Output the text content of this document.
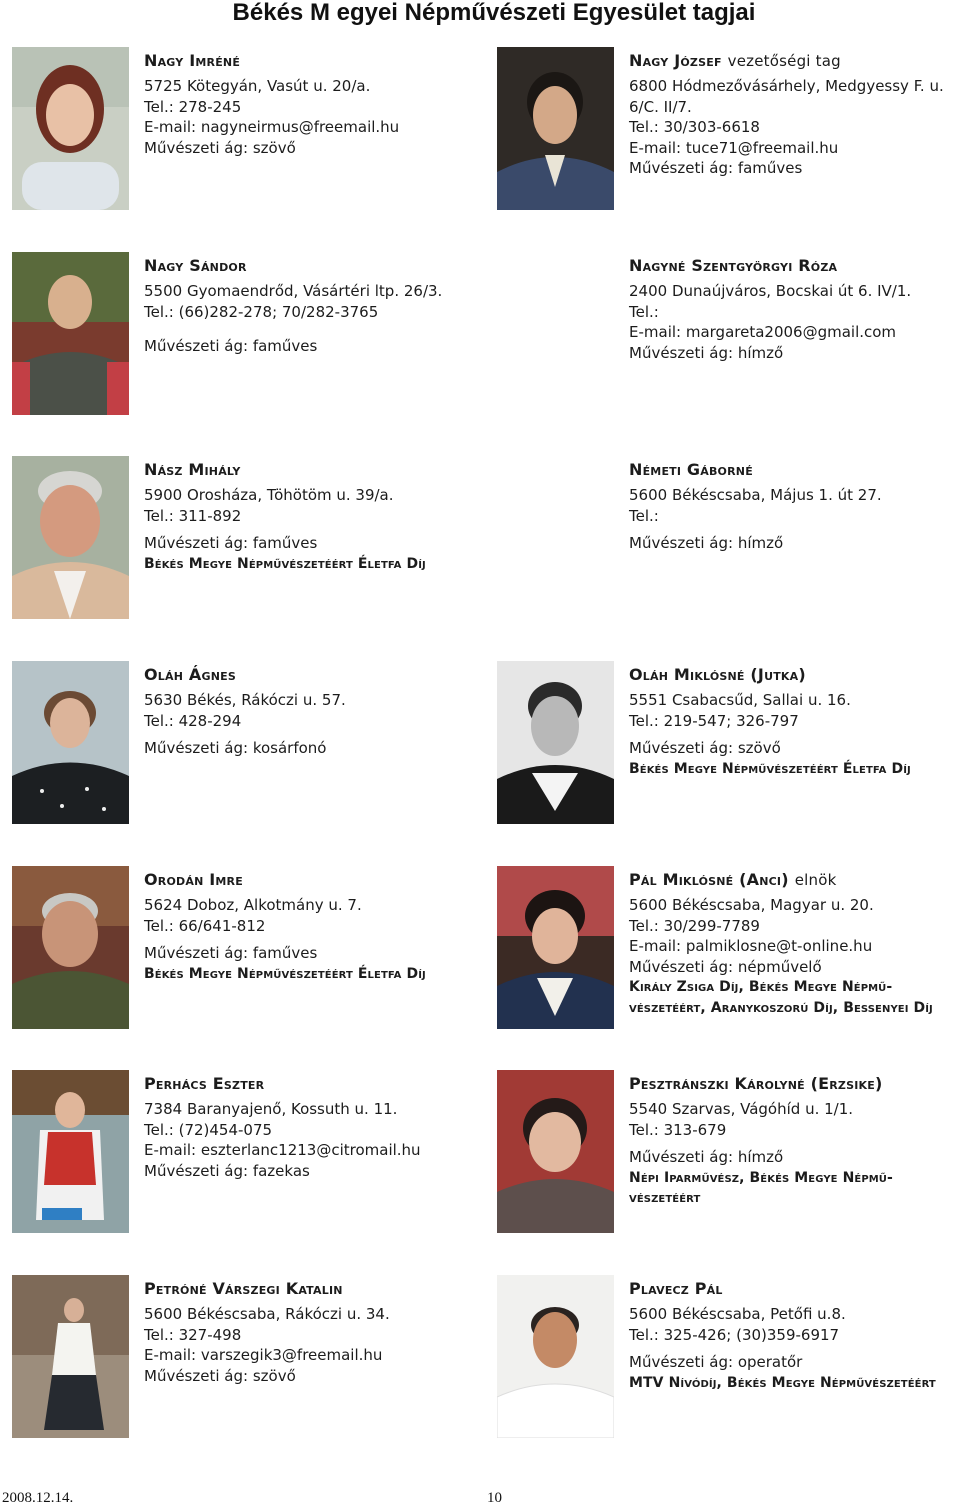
Békés M egyei Népművészeti Egyesület tagjai
Nagy Imréné
5725 Kötegyán, Vasút u. 20/a.
Tel.: 278-245
E-mail: nagyneirmus@freemail.hu
Művészeti ág: szövő
Nagy József vezetőségi tag
6800 Hódmezővásárhely, Medgyessy F. u.
6/C. II/7.
Tel.: 30/303-6618
E-mail: tuce71@freemail.hu
Művészeti ág: faműves
Nagy Sándor
5500 Gyomaendrőd, Vásártéri ltp. 26/3.
Tel.: (66)282-278; 70/282-3765
Művészeti ág: faműves
Nagyné Szentgyörgyi Róza
2400 Dunaújváros, Bocskai út 6. IV/1.
Tel.:
E-mail: margareta2006@gmail.com
Művészeti ág: hímző
Nász Mihály
5900 Orosháza, Töhötöm u. 39/a.
Tel.: 311-892
Művészeti ág: faműves
Békés Megye Népművészetéért Életfa Díj
Németi Gáborné
5600 Békéscsaba, Május 1. út 27.
Tel.:
Művészeti ág: hímző
Oláh Ágnes
5630 Békés, Rákóczi u. 57.
Tel.: 428-294
Művészeti ág: kosárfonó
Oláh Miklósné (Jutka)
5551 Csabacsűd, Sallai u. 16.
Tel.: 219-547; 326-797
Művészeti ág: szövő
Békés Megye Népművészetéért Életfa Díj
Orodán Imre
5624 Doboz, Alkotmány u. 7.
Tel.: 66/641-812
Művészeti ág: faműves
Békés Megye Népművészetéért Életfa Díj
Pál Miklósné (Anci) elnök
5600 Békéscsaba, Magyar u. 20.
Tel.: 30/299-7789
E-mail: palmiklosne@t-online.hu
Művészeti ág: népművelő
Király Zsiga Díj, Békés Megye Népmű- vészetéért, Aranykoszorú Díj, Bessenyei Díj
Perhács Eszter
7384 Baranyajenő, Kossuth u. 11.
Tel.: (72)454-075
E-mail: eszterlanc1213@citromail.hu
Művészeti ág: fazekas
Pesztránszki Károlyné (Erzsike)
5540 Szarvas, Vágóhíd u. 1/1.
Tel.: 313-679
Művészeti ág: hímző
Népi Iparművész, Békés Megye Népmű- vészetéért
Petróné Várszegi Katalin
5600 Békéscsaba, Rákóczi u. 34.
Tel.: 327-498
E-mail: varszegik3@freemail.hu
Művészeti ág: szövő
Plavecz Pál
5600 Békéscsaba, Petőfi u.8.
Tel.: 325-426; (30)359-6917
Művészeti ág: operatőr
MTV Nívódíj, Békés Megye Népművészetéért
2008.12.14.	10
